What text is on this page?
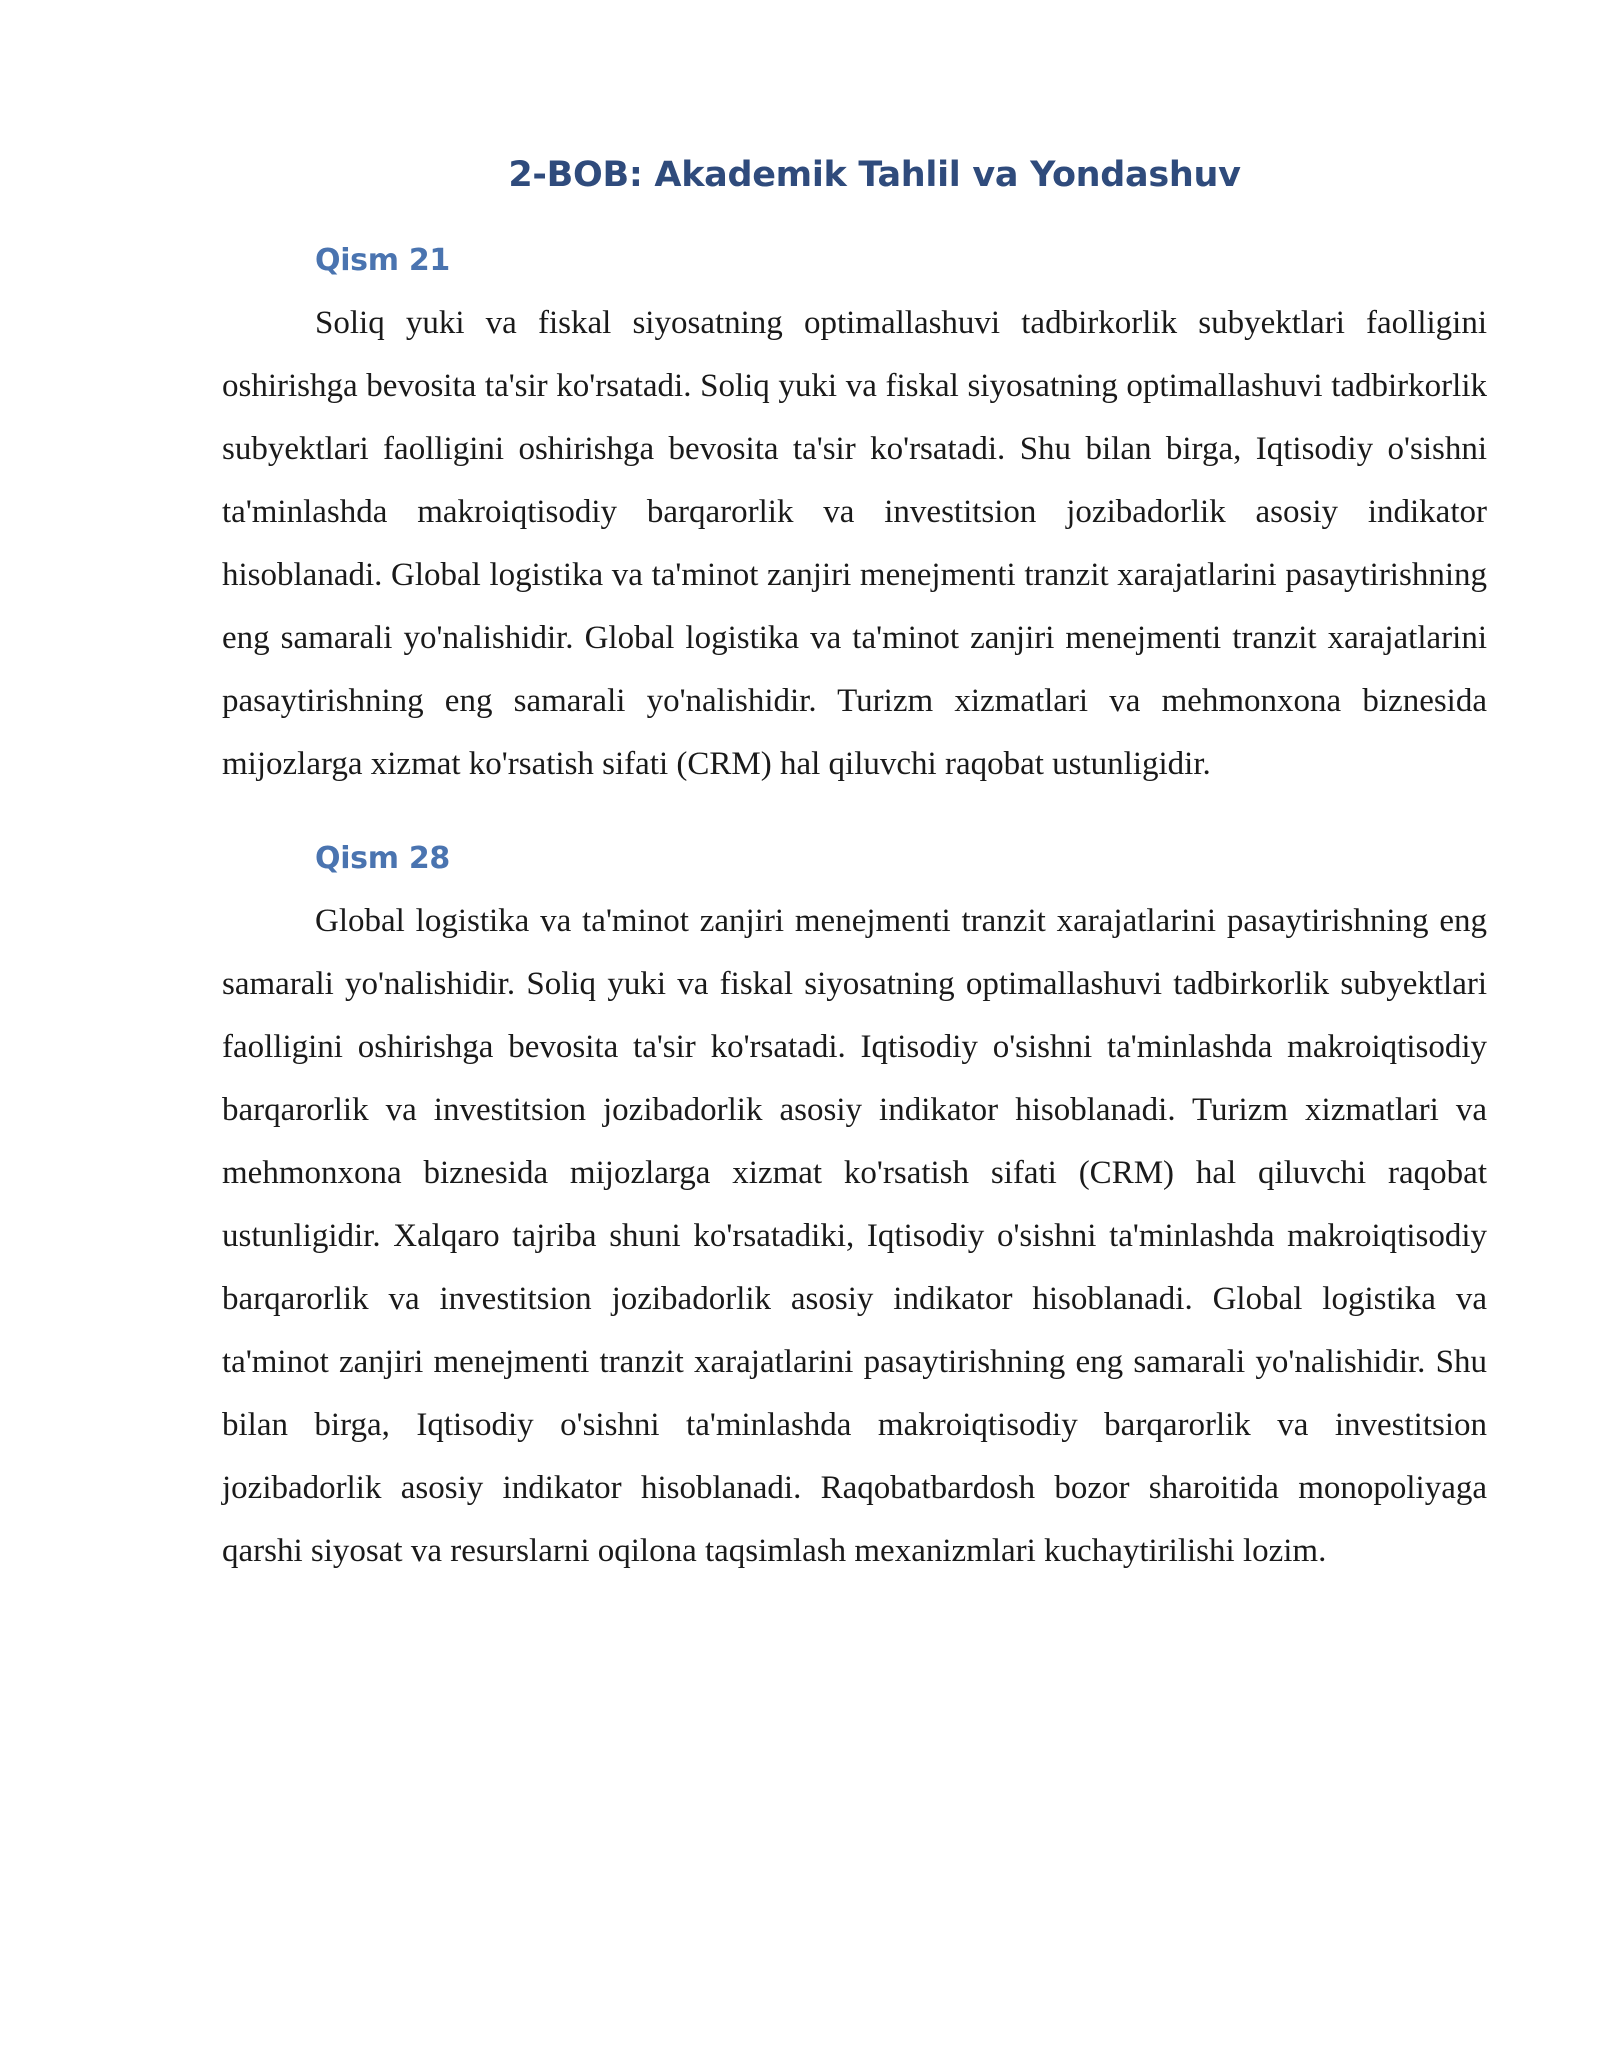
2-BOB: Akademik Tahlil va Yondashuv
Qism 21

Soliq yuki va fiskal siyosatning optimallashuvi tadbirkorlik subyektlari faolligini oshirishga bevosita ta'sir ko'rsatadi. Soliq yuki va fiskal siyosatning optimallashuvi tadbirkorlik subyektlari faolligini oshirishga bevosita ta'sir ko'rsatadi. Shu bilan birga, Iqtisodiy o'sishni ta'minlashda makroiqtisodiy barqarorlik va investitsion jozibadorlik asosiy indikator hisoblanadi. Global logistika va ta'minot zanjiri menejmenti tranzit xarajatlarini pasaytirishning eng samarali yo'nalishidir. Global logistika va ta'minot zanjiri menejmenti tranzit xarajatlarini pasaytirishning eng samarali yo'nalishidir. Turizm xizmatlari va mehmonxona biznesida mijozlarga xizmat ko'rsatish sifati (CRM) hal qiluvchi raqobat ustunligidir.

Qism 28

Global logistika va ta'minot zanjiri menejmenti tranzit xarajatlarini pasaytirishning eng samarali yo'nalishidir. Soliq yuki va fiskal siyosatning optimallashuvi tadbirkorlik subyektlari faolligini oshirishga bevosita ta'sir ko'rsatadi. Iqtisodiy o'sishni ta'minlashda makroiqtisodiy barqarorlik va investitsion jozibadorlik asosiy indikator hisoblanadi. Turizm xizmatlari va mehmonxona biznesida mijozlarga xizmat ko'rsatish sifati (CRM) hal qiluvchi raqobat ustunligidir. Xalqaro tajriba shuni ko'rsatadiki, Iqtisodiy o'sishni ta'minlashda makroiqtisodiy barqarorlik va investitsion jozibadorlik asosiy indikator hisoblanadi. Global logistika va ta'minot zanjiri menejmenti tranzit xarajatlarini pasaytirishning eng samarali yo'nalishidir. Shu bilan birga, Iqtisodiy o'sishni ta'minlashda makroiqtisodiy barqarorlik va investitsion jozibadorlik asosiy indikator hisoblanadi. Raqobatbardosh bozor sharoitida monopoliyaga qarshi siyosat va resurslarni oqilona taqsimlash mexanizmlari kuchaytirilishi lozim.
